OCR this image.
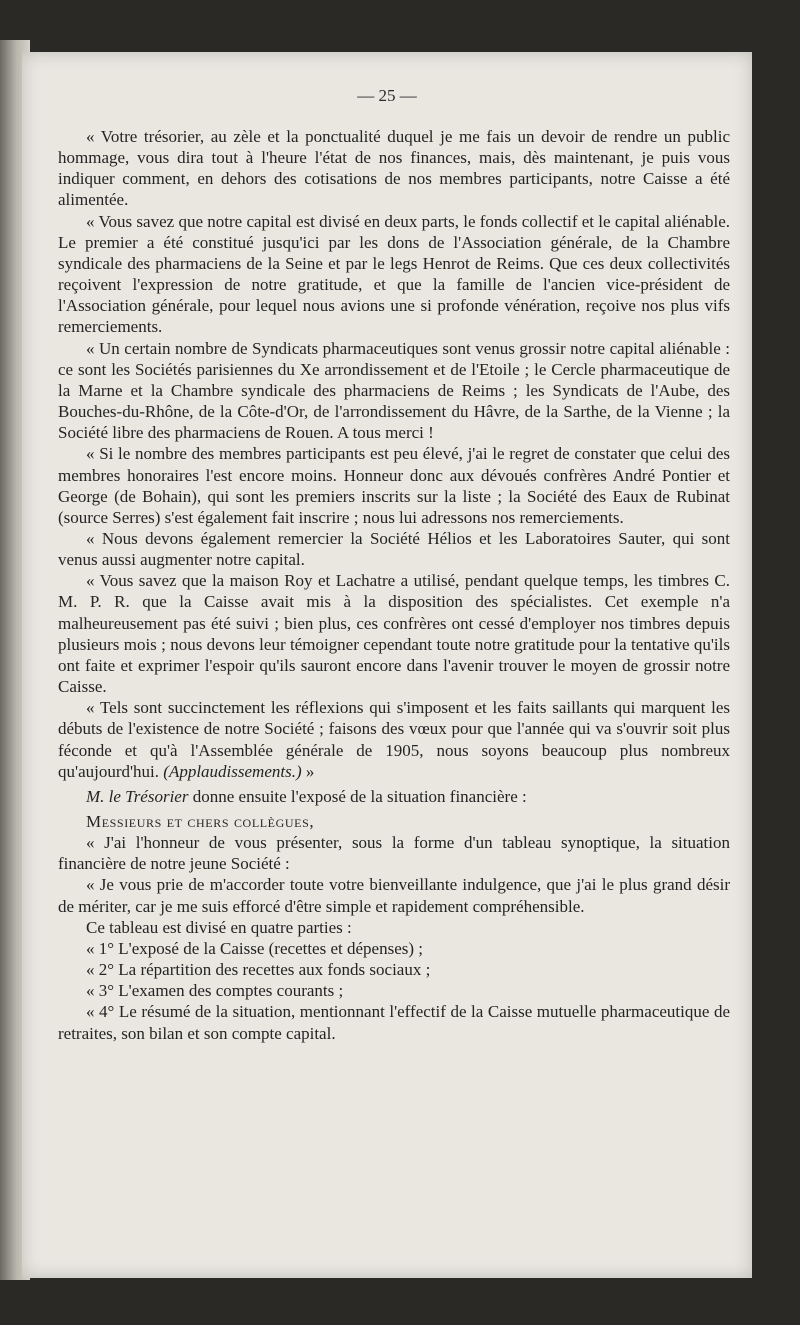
— 25 —

« Votre trésorier, au zèle et la ponctualité duquel je me fais un devoir de rendre un public hommage, vous dira tout à l'heure l'état de nos finances, mais, dès maintenant, je puis vous indiquer comment, en dehors des cotisations de nos membres participants, notre Caisse a été alimentée.

« Vous savez que notre capital est divisé en deux parts, le fonds collectif et le capital aliénable. Le premier a été constitué jusqu'ici par les dons de l'Association générale, de la Chambre syndicale des pharmaciens de la Seine et par le legs Henrot de Reims. Que ces deux collectivités reçoivent l'expression de notre gratitude, et que la famille de l'ancien vice-président de l'Association générale, pour lequel nous avions une si profonde vénération, reçoive nos plus vifs remerciements.

« Un certain nombre de Syndicats pharmaceutiques sont venus grossir notre capital aliénable : ce sont les Sociétés parisiennes du Xe arrondissement et de l'Etoile ; le Cercle pharmaceutique de la Marne et la Chambre syndicale des pharmaciens de Reims ; les Syndicats de l'Aube, des Bouches-du-Rhône, de la Côte-d'Or, de l'arrondissement du Hâvre, de la Sarthe, de la Vienne ; la Société libre des pharmaciens de Rouen. A tous merci !

« Si le nombre des membres participants est peu élevé, j'ai le regret de constater que celui des membres honoraires l'est encore moins. Honneur donc aux dévoués confrères André Pontier et George (de Bohain), qui sont les premiers inscrits sur la liste ; la Société des Eaux de Rubinat (source Serres) s'est également fait inscrire ; nous lui adressons nos remerciements.

« Nous devons également remercier la Société Hélios et les Laboratoires Sauter, qui sont venus aussi augmenter notre capital.

« Vous savez que la maison Roy et Lachatre a utilisé, pendant quelque temps, les timbres C. M. P. R. que la Caisse avait mis à la disposition des spécialistes. Cet exemple n'a malheureusement pas été suivi ; bien plus, ces confrères ont cessé d'employer nos timbres depuis plusieurs mois ; nous devons leur témoigner cependant toute notre gratitude pour la tentative qu'ils ont faite et exprimer l'espoir qu'ils sauront encore dans l'avenir trouver le moyen de grossir notre Caisse.

« Tels sont succinctement les réflexions qui s'imposent et les faits saillants qui marquent les débuts de l'existence de notre Société ; faisons des vœux pour que l'année qui va s'ouvrir soit plus féconde et qu'à l'Assemblée générale de 1905, nous soyons beaucoup plus nombreux qu'aujourd'hui. (Applaudissements.) »

M. le Trésorier donne ensuite l'exposé de la situation financière :

Messieurs et chers collègues,

« J'ai l'honneur de vous présenter, sous la forme d'un tableau synoptique, la situation financière de notre jeune Société :

« Je vous prie de m'accorder toute votre bienveillante indulgence, que j'ai le plus grand désir de mériter, car je me suis efforcé d'être simple et rapidement compréhensible.

Ce tableau est divisé en quatre parties :

« 1° L'exposé de la Caisse (recettes et dépenses) ;

« 2° La répartition des recettes aux fonds sociaux ;

« 3° L'examen des comptes courants ;

« 4° Le résumé de la situation, mentionnant l'effectif de la Caisse mutuelle pharmaceutique de retraites, son bilan et son compte capital.
